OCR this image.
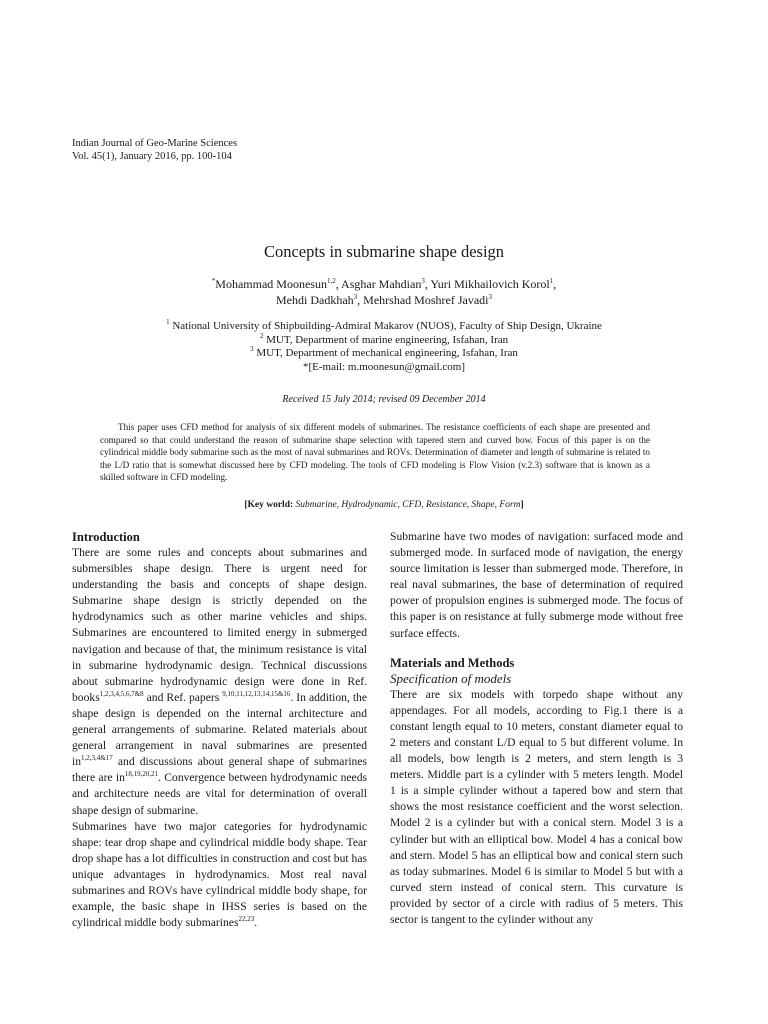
Indian Journal of Geo-Marine Sciences
Vol. 45(1), January 2016, pp. 100-104
Concepts in submarine shape design
*Mohammad Moonesun$^{1,2}$, Asghar Mahdian$^3$, Yuri Mikhailovich Korol$^1$,
Mehdi Dadkhah$^3$, Mehrshad Moshref Javadi$^3$
$^1$ National University of Shipbuilding-Admiral Makarov (NUOS), Faculty of Ship Design, Ukraine
$^2$ MUT, Department of marine engineering, Isfahan, Iran
$^3$ MUT, Department of mechanical engineering, Isfahan, Iran
*[E-mail: m.moonesun@gmail.com]
Received 15 July 2014; revised 09 December 2014

This paper uses CFD method for analysis of six different models of submarines. The resistance coefficients of each shape are presented and compared so that could understand the reason of submarine shape selection with tapered stern and curved bow. Focus of this paper is on the cylindrical middle body submarine such as the most of naval submarines and ROVs. Determination of diameter and length of submarine is related to the L/D ratio that is somewhat discussed here by CFD modeling. The tools of CFD modeling is Flow Vision (v.2.3) software that is known as a skilled software in CFD modeling.

[Key world: Submarine, Hydrodynamic, CFD, Resistance, Shape, Form]
Introduction

There are some rules and concepts about submarines and submersibles shape design. There is urgent need for understanding the basis and concepts of shape design. Submarine shape design is strictly depended on the hydrodynamics such as other marine vehicles and ships. Submarines are encountered to limited energy in submerged navigation and because of that, the minimum resistance is vital in submarine hydrodynamic design. Technical discussions about submarine hydrodynamic design were done in Ref. books$^{1,2,3,4,5,6,7\&8}$ and Ref. papers $^{9,10,11,12,13,14,15\&16}$. In addition, the shape design is depended on the internal architecture and general arrangements of submarine. Related materials about general arrangement in naval submarines are presented $in^{1,2,3,4\&17}$ and discussions about general shape of submarines there are in$^{18,19,20,21}$. Convergence between hydrodynamic needs and architecture needs are vital for determination of overall shape design of submarine.

Submarines have two major categories for hydrodynamic shape: tear drop shape and cylindrical middle body shape. Tear drop shape has a lot difficulties in construction and cost but has unique advantages in hydrodynamics. Most real naval submarines and ROVs have cylindrical middle body shape, for example, the basic shape in IHSS series is based on the cylindrical middle body submarines$^{22,23}$.

Submarine have two modes of navigation: surfaced mode and submerged mode. In surfaced mode of navigation, the energy source limitation is lesser than submerged mode. Therefore, in real naval submarines, the base of determination of required power of propulsion engines is submerged mode. The focus of this paper is on resistance at fully submerge mode without free surface effects.

Materials and Methods
Specification of models

There are six models with torpedo shape without any appendages. For all models, according to Fig.1 there is a constant length equal to 10 meters, constant diameter equal to 2 meters and constant L/D equal to 5 but different volume. In all models, bow length is 2 meters, and stern length is 3 meters. Middle part is a cylinder with 5 meters length. Model 1 is a simple cylinder without a tapered bow and stern that shows the most resistance coefficient and the worst selection. Model 2 is a cylinder but with a conical stern. Model 3 is a cylinder but with an elliptical bow. Model 4 has a conical bow and stern. Model 5 has an elliptical bow and conical stern such as today submarines. Model 6 is similar to Model 5 but with a curved stern instead of conical stern. This curvature is provided by sector of a circle with radius of 5 meters. This sector is tangent to the cylinder without any
